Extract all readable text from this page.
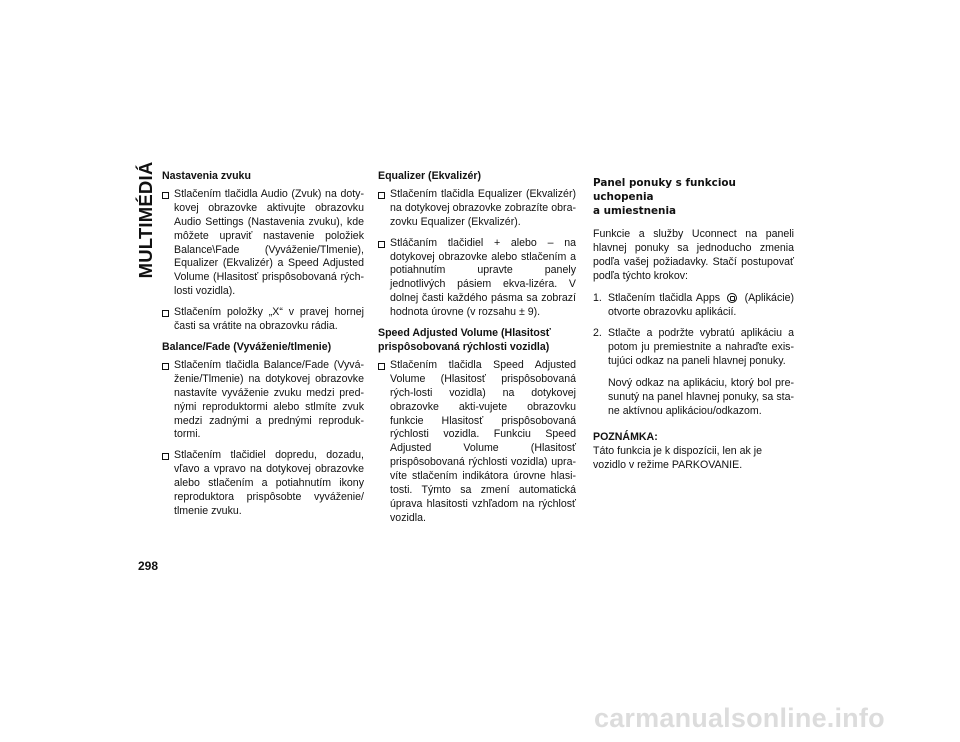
MULTIMÉDIÁ Nastavenia zvuku
Stlačením tlačidla Audio (Zvuk) na doty-kovej obrazovke aktivujte obrazovku Audio Settings (Nastavenia zvuku), kde môžete upraviť nastavenie položiek Balance\Fade (Vyváženie/Tlmenie), Equalizer (Ekvalizér) a Speed Adjusted Volume (Hlasitosť prispôsobovaná rých-losti vozidla).
Stlačením položky „X“ v pravej hornej časti sa vrátite na obrazovku rádia.
Balance/Fade (Vyváženie/tlmenie)
Stlačením tlačidla Balance/Fade (Vyvá-ženie/Tlmenie) na dotykovej obrazovke nastavíte vyváženie zvuku medzi pred-nými reproduktormi alebo stlmíte zvuk medzi zadnými a prednými reproduk-tormi.
Stlačením tlačidiel dopredu, dozadu, vľavo a vpravo na dotykovej obrazovke alebo stlačením a potiahnutím ikony reproduktora prispôsobte vyváženie/ tlmenie zvuku.
Equalizer (Ekvalizér)
Stlačením tlačidla Equalizer (Ekvalizér) na dotykovej obrazovke zobrazíte obra-zovku Equalizer (Ekvalizér).
Stláčaním tlačidiel + alebo – na dotykovej obrazovke alebo stlačením a potiahnutím upravte panely jednotlivých pásiem ekva-lizéra. V dolnej časti každého pásma sa zobrazí hodnota úrovne (v rozsahu ± 9).
Speed Adjusted Volume (Hlasitosť prispôsobovaná rýchlosti vozidla)
Stlačením tlačidla Speed Adjusted Volume (Hlasitosť prispôsobovaná rých-losti vozidla) na dotykovej obrazovke akti-vujete obrazovku funkcie Hlasitosť prispôsobovaná rýchlosti vozidla. Funkciu Speed Adjusted Volume (Hlasitosť prispôsobovaná rýchlosti vozidla) upra-víte stlačením indikátora úrovne hlasi-tosti. Týmto sa zmení automatická úprava hlasitosti vzhľadom na rýchlosť vozidla.
Panel ponuky s funkciou uchopenia
a umiestnenia
Funkcie a služby Uconnect na paneli hlavnej ponuky sa jednoducho zmenia podľa vašej požiadavky. Stačí postupovať podľa týchto krokov:
1. Stlačením tlačidla Apps (Aplikácie) otvorte obrazovku aplikácií.
2. Stlačte a podržte vybratú aplikáciu a potom ju premiestnite a nahraďte exis-tujúci odkaz na paneli hlavnej ponuky.
Nový odkaz na aplikáciu, ktorý bol pre-sunutý na panel hlavnej ponuky, sa sta-ne aktívnou aplikáciou/odkazom.
POZNÁMKA:
Táto funkcia je k dispozícii, len ak je vozidlo v režime PARKOVANIE.
298
carmanualsonline.info
